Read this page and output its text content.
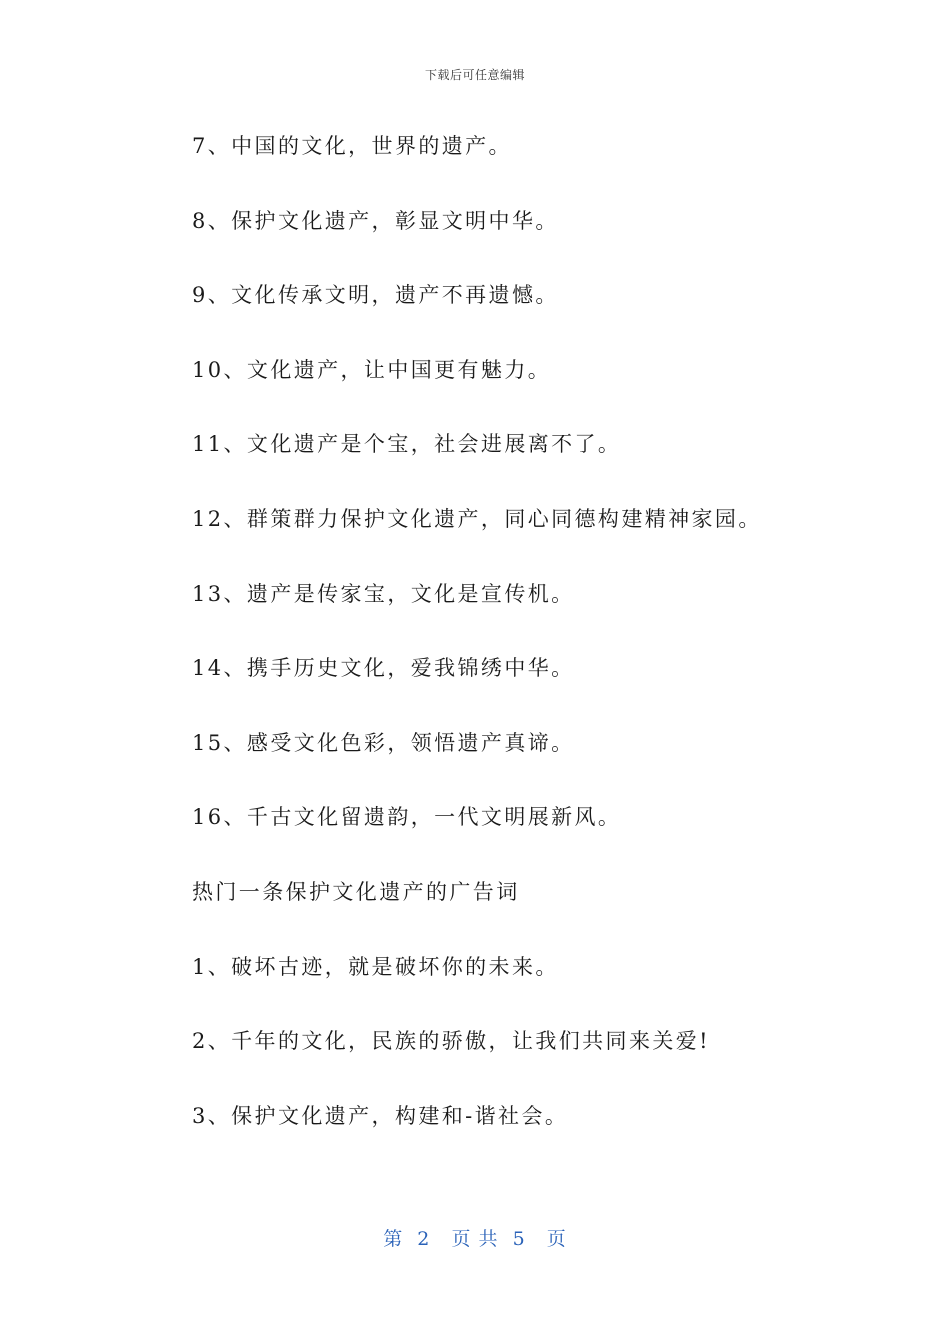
下载后可任意编辑
7、中国的文化，世界的遗产。
8、保护文化遗产，彰显文明中华。
9、文化传承文明，遗产不再遗憾。
10、文化遗产，让中国更有魅力。
11、文化遗产是个宝，社会进展离不了。
12、群策群力保护文化遗产，同心同德构建精神家园。
13、遗产是传家宝，文化是宣传机。
14、携手历史文化，爱我锦绣中华。
15、感受文化色彩，领悟遗产真谛。
16、千古文化留遗韵，一代文明展新风。
热门一条保护文化遗产的广告词
1、破坏古迹，就是破坏你的未来。
2、千年的文化，民族的骄傲，让我们共同来关爱!
3、保护文化遗产，构建和-谐社会。
第  2   页 共  5   页
